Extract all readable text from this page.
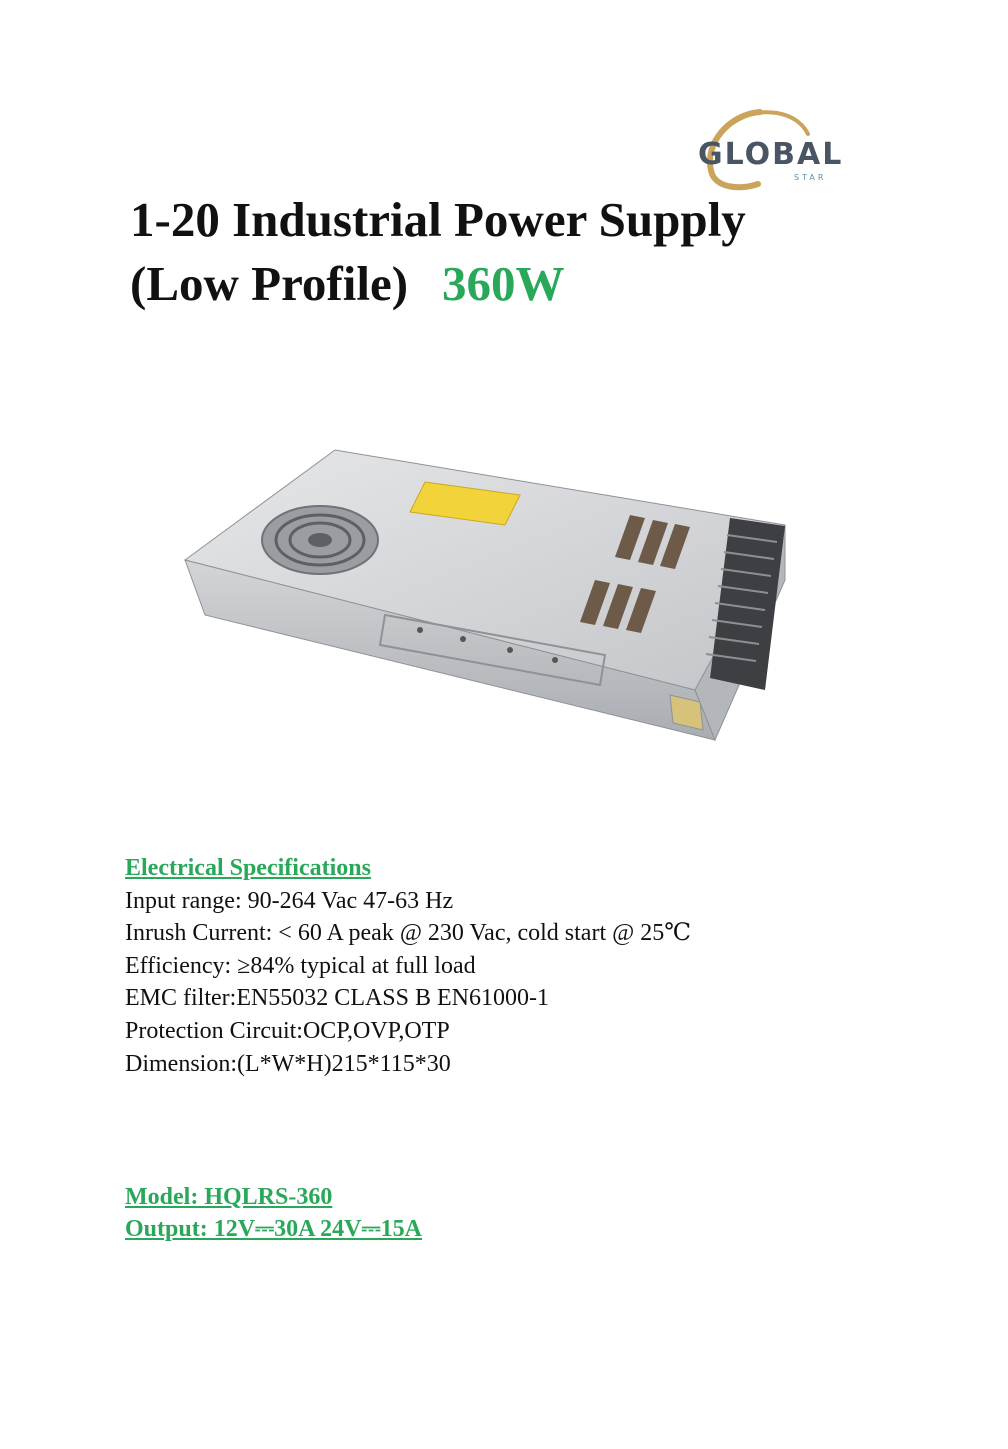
GLOBAL
STAR
1-20 Industrial Power Supply
(Low Profile) 360W
Electrical Specifications
Input range: 90-264 Vac 47-63 Hz
Inrush Current: < 60 A peak @ 230 Vac, cold start @ 25℃
Efficiency: ≥84% typical at full load
EMC filter:EN55032 CLASS B EN61000-1
Protection Circuit:OCP,OVP,OTP
Dimension:(L*W*H)215*115*30
Model: HQLRS-360
Output: 12V⎓30A 24V⎓15A
